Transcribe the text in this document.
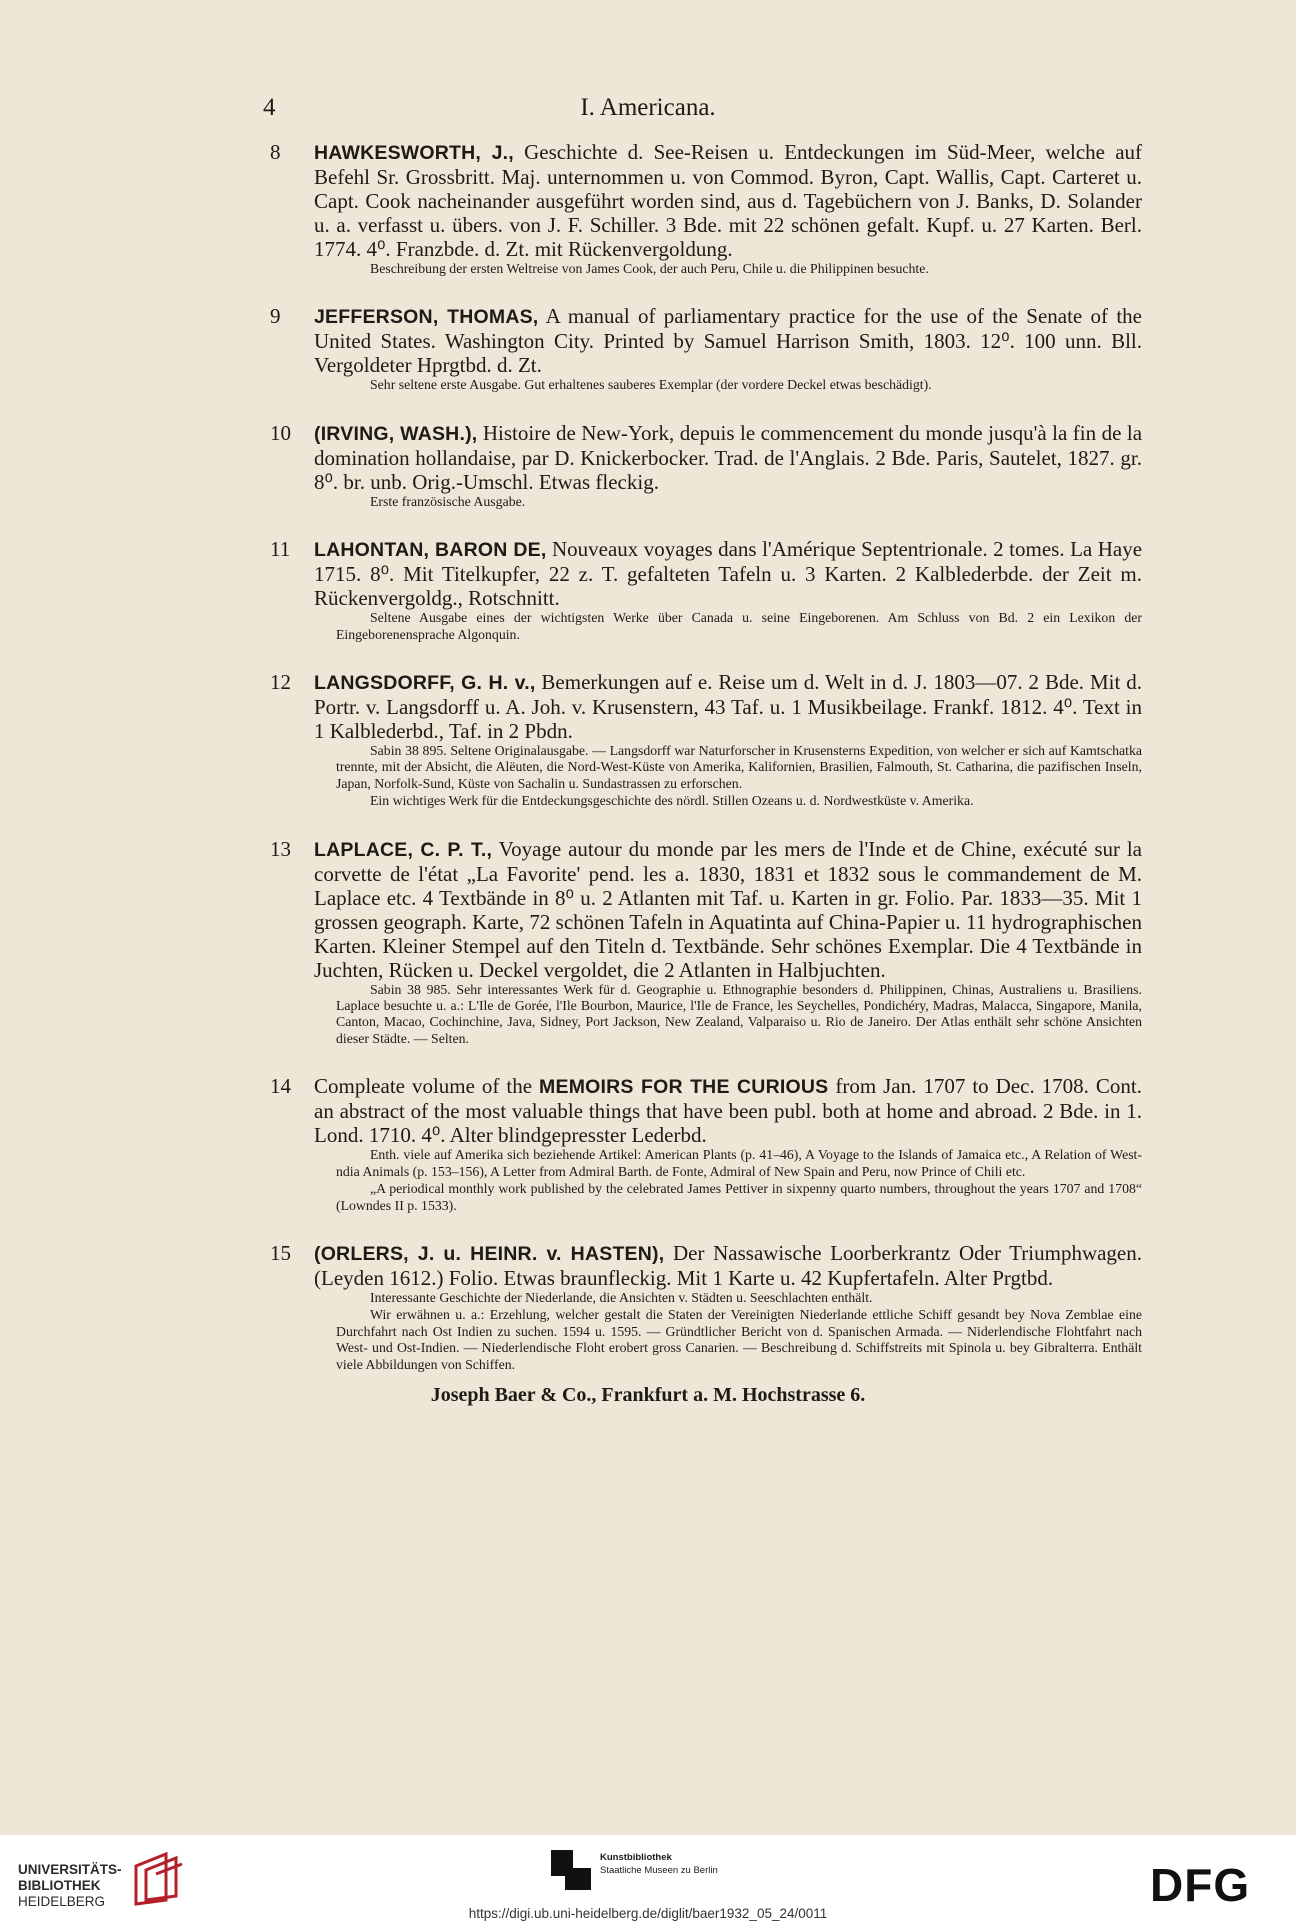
4	I. Americana.
8 HAWKESWORTH, J., Geschichte d. See-Reisen u. Entdeckungen im Süd-Meer, welche auf Befehl Sr. Grossbritt. Maj. unternommen u. von Commod. Byron, Capt. Wallis, Capt. Carteret u. Capt. Cook nacheinander ausgeführt worden sind, aus d. Tagebüchern von J. Banks, D. Solander u. a. verfasst u. übers. von J. F. Schiller. 3 Bde. mit 22 schönen gefalt. Kupf. u. 27 Karten. Berl. 1774. 4⁰. Franzbde. d. Zt. mit Rückenvergoldung.
Beschreibung der ersten Weltreise von James Cook, der auch Peru, Chile u. die Philippinen besuchte.
9 JEFFERSON, THOMAS, A manual of parliamentary practice for the use of the Senate of the United States. Washington City. Printed by Samuel Harrison Smith, 1803. 12⁰. 100 unn. Bll. Vergoldeter Hprgtbd. d. Zt.
Sehr seltene erste Ausgabe. Gut erhaltenes sauberes Exemplar (der vordere Deckel etwas beschädigt).
10 (IRVING, WASH.), Histoire de New-York, depuis le commencement du monde jusqu'à la fin de la domination hollandaise, par D. Knickerbocker. Trad. de l'Anglais. 2 Bde. Paris, Sautelet, 1827. gr. 8⁰. br. unb. Orig.-Umschl. Etwas fleckig.
Erste französische Ausgabe.
11 LAHONTAN, BARON DE, Nouveaux voyages dans l'Amérique Septentrionale. 2 tomes. La Haye 1715. 8⁰. Mit Titelkupfer, 22 z. T. gefalteten Tafeln u. 3 Karten. 2 Kalblederbde. der Zeit m. Rückenvergoldg., Rotschnitt.
Seltene Ausgabe eines der wichtigsten Werke über Canada u. seine Eingeborenen. Am Schluss von Bd. 2 ein Lexikon der Eingeborenensprache Algonquin.
12 LANGSDORFF, G. H. v., Bemerkungen auf e. Reise um d. Welt in d. J. 1803—07. 2 Bde. Mit d. Portr. v. Langsdorff u. A. Joh. v. Krusenstern, 43 Taf. u. 1 Musikbeilage. Frankf. 1812. 4⁰. Text in 1 Kalblederbd., Taf. in 2 Pbdn.
Sabin 38 895. Seltene Originalausgabe. — Langsdorff war Naturforscher in Krusensterns Expedition, von welcher er sich auf Kamtschatka trennte, mit der Absicht, die Alëuten, die Nord-West-Küste von Amerika, Kalifornien, Brasilien, Falmouth, St. Catharina, die pazifischen Inseln, Japan, Norfolk-Sund, Küste von Sachalin u. Sundastrassen zu erforschen.
Ein wichtiges Werk für die Entdeckungsgeschichte des nördl. Stillen Ozeans u. d. Nordwestküste v. Amerika.
13 LAPLACE, C. P. T., Voyage autour du monde par les mers de l'Inde et de Chine, exécuté sur la corvette de l'état „La Favorite' pend. les a. 1830, 1831 et 1832 sous le commandement de M. Laplace etc. 4 Textbände in 8⁰ u. 2 Atlanten mit Taf. u. Karten in gr. Folio. Par. 1833—35. Mit 1 grossen geograph. Karte, 72 schönen Tafeln in Aquatinta auf China-Papier u. 11 hydrographischen Karten. Kleiner Stempel auf den Titeln d. Textbände. Sehr schönes Exemplar. Die 4 Textbände in Juchten, Rücken u. Deckel vergoldet, die 2 Atlanten in Halbjuchten.
Sabin 38 985. Sehr interessantes Werk für d. Geographie u. Ethnographie besonders d. Philippinen, Chinas, Australiens u. Brasiliens. Laplace besuchte u. a.: L'Ile de Gorée, l'Ile Bourbon, Maurice, l'Ile de France, les Seychelles, Pondichéry, Madras, Malacca, Singapore, Manila, Canton, Macao, Cochinchine, Java, Sidney, Port Jackson, New Zealand, Valparaiso u. Rio de Janeiro. Der Atlas enthält sehr schöne Ansichten dieser Städte. — Selten.
14 Compleate volume of the MEMOIRS FOR THE CURIOUS from Jan. 1707 to Dec. 1708. Cont. an abstract of the most valuable things that have been publ. both at home and abroad. 2 Bde. in 1. Lond. 1710. 4⁰. Alter blindgepresster Lederbd.
Enth. viele auf Amerika sich beziehende Artikel: American Plants (p. 41–46), A Voyage to the Islands of Jamaica etc., A Relation of West-ndia Animals (p. 153–156), A Letter from Admiral Barth. de Fonte, Admiral of New Spain and Peru, now Prince of Chili etc.
„A periodical monthly work published by the celebrated James Pettiver in sixpenny quarto numbers, throughout the years 1707 and 1708“ (Lowndes II p. 1533).
15 (ORLERS, J. u. HEINR. v. HASTEN), Der Nassawische Loorberkrantz Oder Triumphwagen. (Leyden 1612.) Folio. Etwas braunfleckig. Mit 1 Karte u. 42 Kupfertafeln. Alter Prgtbd.
Interessante Geschichte der Niederlande, die Ansichten v. Städten u. Seeschlachten enthält.
Wir erwähnen u. a.: Erzehlung, welcher gestalt die Staten der Vereinigten Niederlande ettliche Schiff gesandt bey Nova Zemblae eine Durchfahrt nach Ost Indien zu suchen. 1594 u. 1595. — Gründtlicher Bericht von d. Spanischen Armada. — Niderlendische Flohtfahrt nach West- und Ost-Indien. — Niederlendische Floht erobert gross Canarien. — Beschreibung d. Schiffstreits mit Spinola u. bey Gibralterra. Enthält viele Abbildungen von Schiffen.
Joseph Baer & Co., Frankfurt a. M. Hochstrasse 6.
UNIVERSITÄTS-
BIBLIOTHEK
HEIDELBERG
Kunstbibliothek
Staatliche Museen zu Berlin	DFG
https://digi.ub.uni-heidelberg.de/diglit/baer1932_05_24/0011
